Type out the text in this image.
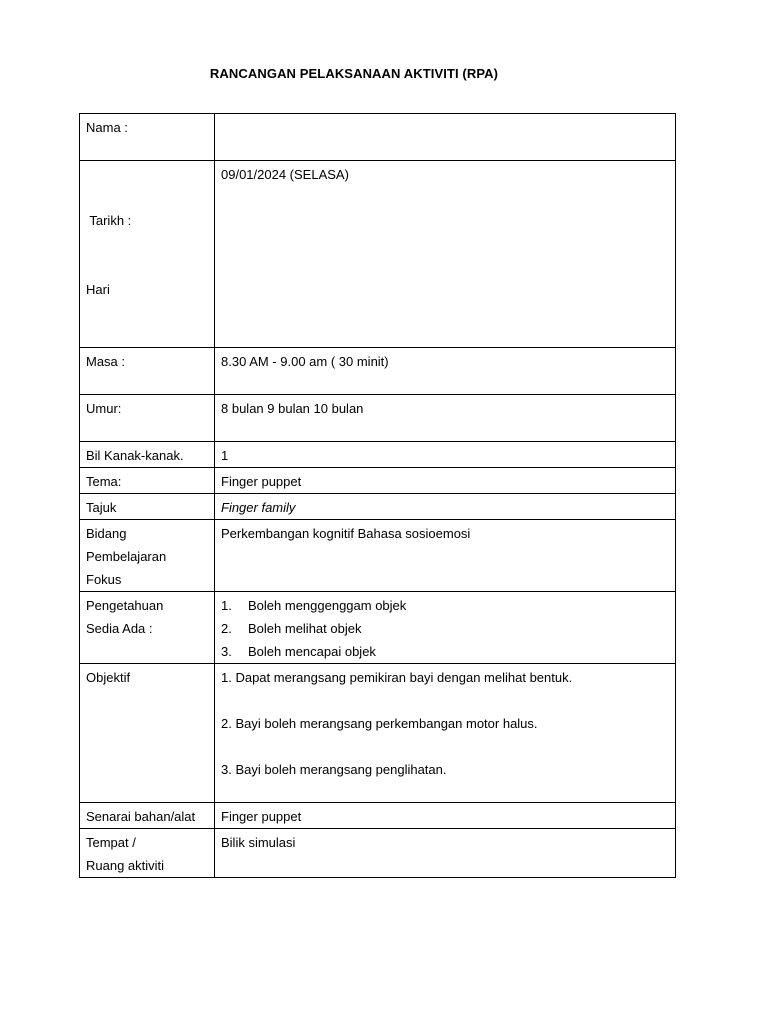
RANCANGAN PELAKSANAAN AKTIVITI (RPA)
Nama :	

Tarikh :

Hari	09/01/2024 (SELASA)
Masa :	8.30 AM - 9.00 am ( 30 minit)
Umur:	8 bulan 9 bulan 10 bulan
Bil Kanak-kanak.	1
Tema:	Finger puppet
Tajuk	Finger family

Bidang
Pembelajaran
Fokus	Perkembangan kognitif Bahasa sosioemosi

Pengetahuan
Sedia Ada :	1. Boleh menggenggam objek
2. Boleh melihat objek
3. Boleh mencapai objek

Objektif	1. Dapat merangsang pemikiran bayi dengan melihat bentuk.
2. Bayi boleh merangsang perkembangan motor halus.
3. Bayi boleh merangsang penglihatan.

Senarai bahan/alat	Finger puppet

Tempat /
Ruang aktiviti	Bilik simulasi
